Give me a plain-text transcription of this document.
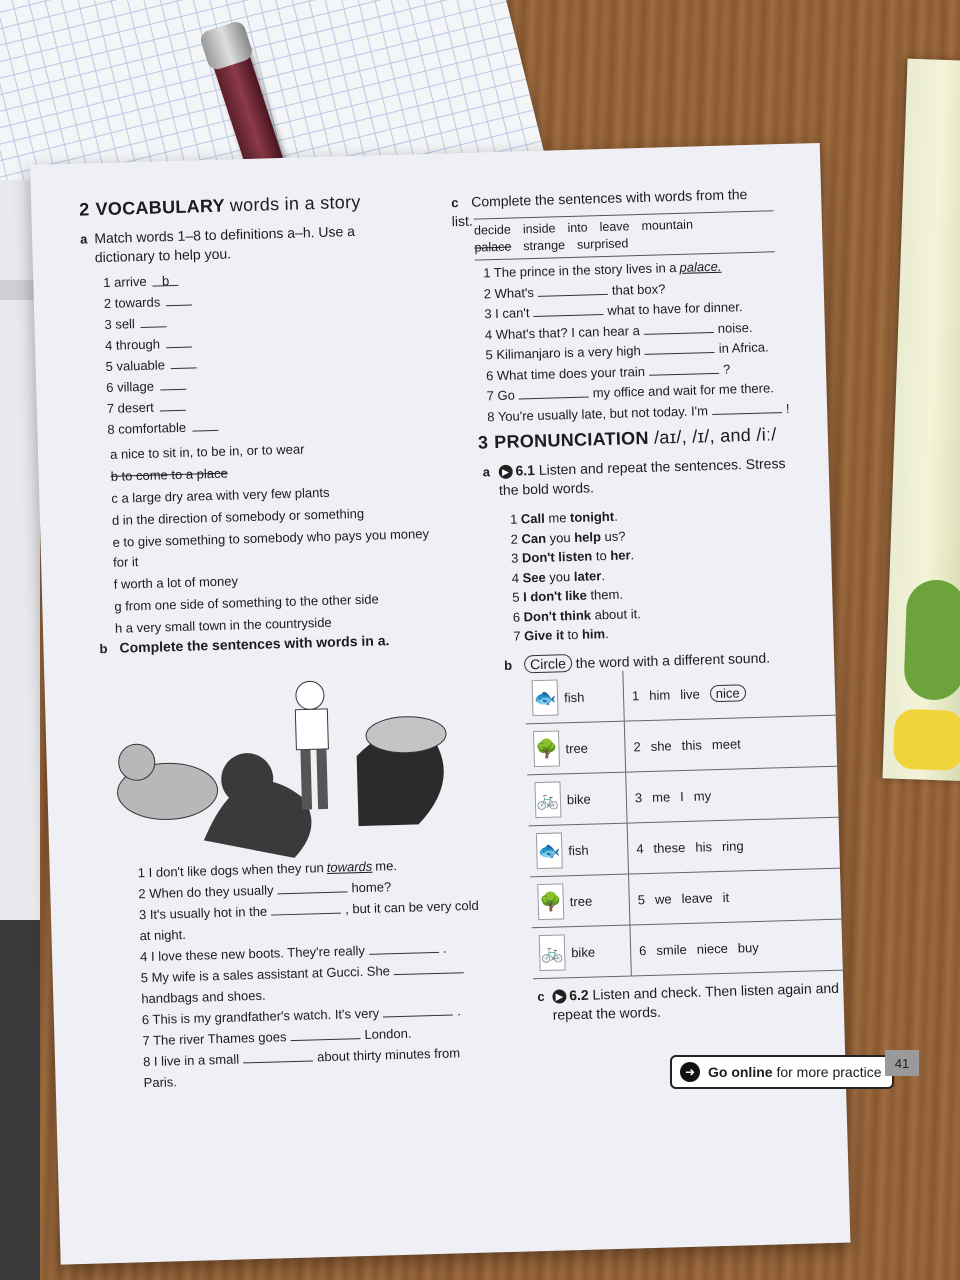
2 VOCABULARY words in a story
a Match words 1–8 to definitions a–h. Use a dictionary to help you.
1 arrive b
2 towards
3 sell
4 through
5 valuable
6 village
7 desert
8 comfortable
a nice to sit in, to be in, or to wear
b to come to a place
c a large dry area with very few plants
d in the direction of somebody or something
e to give something to somebody who pays you money for it
f worth a lot of money
g from one side of something to the other side
h a very small town in the countryside
b Complete the sentences with words in a.
1 I don't like dogs when they run towards me.
2 When do they usually	home?
3 It's usually hot in the	, but it can be very cold at night.
4 I love these new boots. They're really	.
5 My wife is a sales assistant at Gucci. Shehandbags and shoes.
6 This is my grandfather's watch. It's very	.
7 The river Thames goes	London.
8 I live in a small	about thirty minutes from Paris.
c Complete the sentences with words from the list.
decide inside into leave mountain
palace strange surprised
1 The prince in the story lives in a palace.
2 What's	that box?
3 I can't	what to have for dinner.
4 What's that? I can hear a	noise.
5 Kilimanjaro is a very high	in Africa.
6 What time does your train	?
7 Go	my office and wait for me there.
8 You're usually late, but not today. I'm	!
3 PRONUNCIATION /aɪ/, /ɪ/, and /iː/
a	▶ 6.1 Listen and repeat the sentences. Stress the bold words.
1 Call me tonight.
2 Can you help us?
3 Don't listen to her.
4 See you later.
5 I don't like them.
6 Don't think about it.
7 Give it to him.
b Circle the word with a different sound.
🐟 fish	1 him live nice

🌳 tree	2 she this meet

🚲 bike	3 me I my

🐟 fish	4 these his ring

🌳 tree	5 we leave it

🚲 bike	6 smile niece buy
c	▶ 6.2 Listen and check. Then listen again and repeat the words.
➜ Go online for more practice
41
